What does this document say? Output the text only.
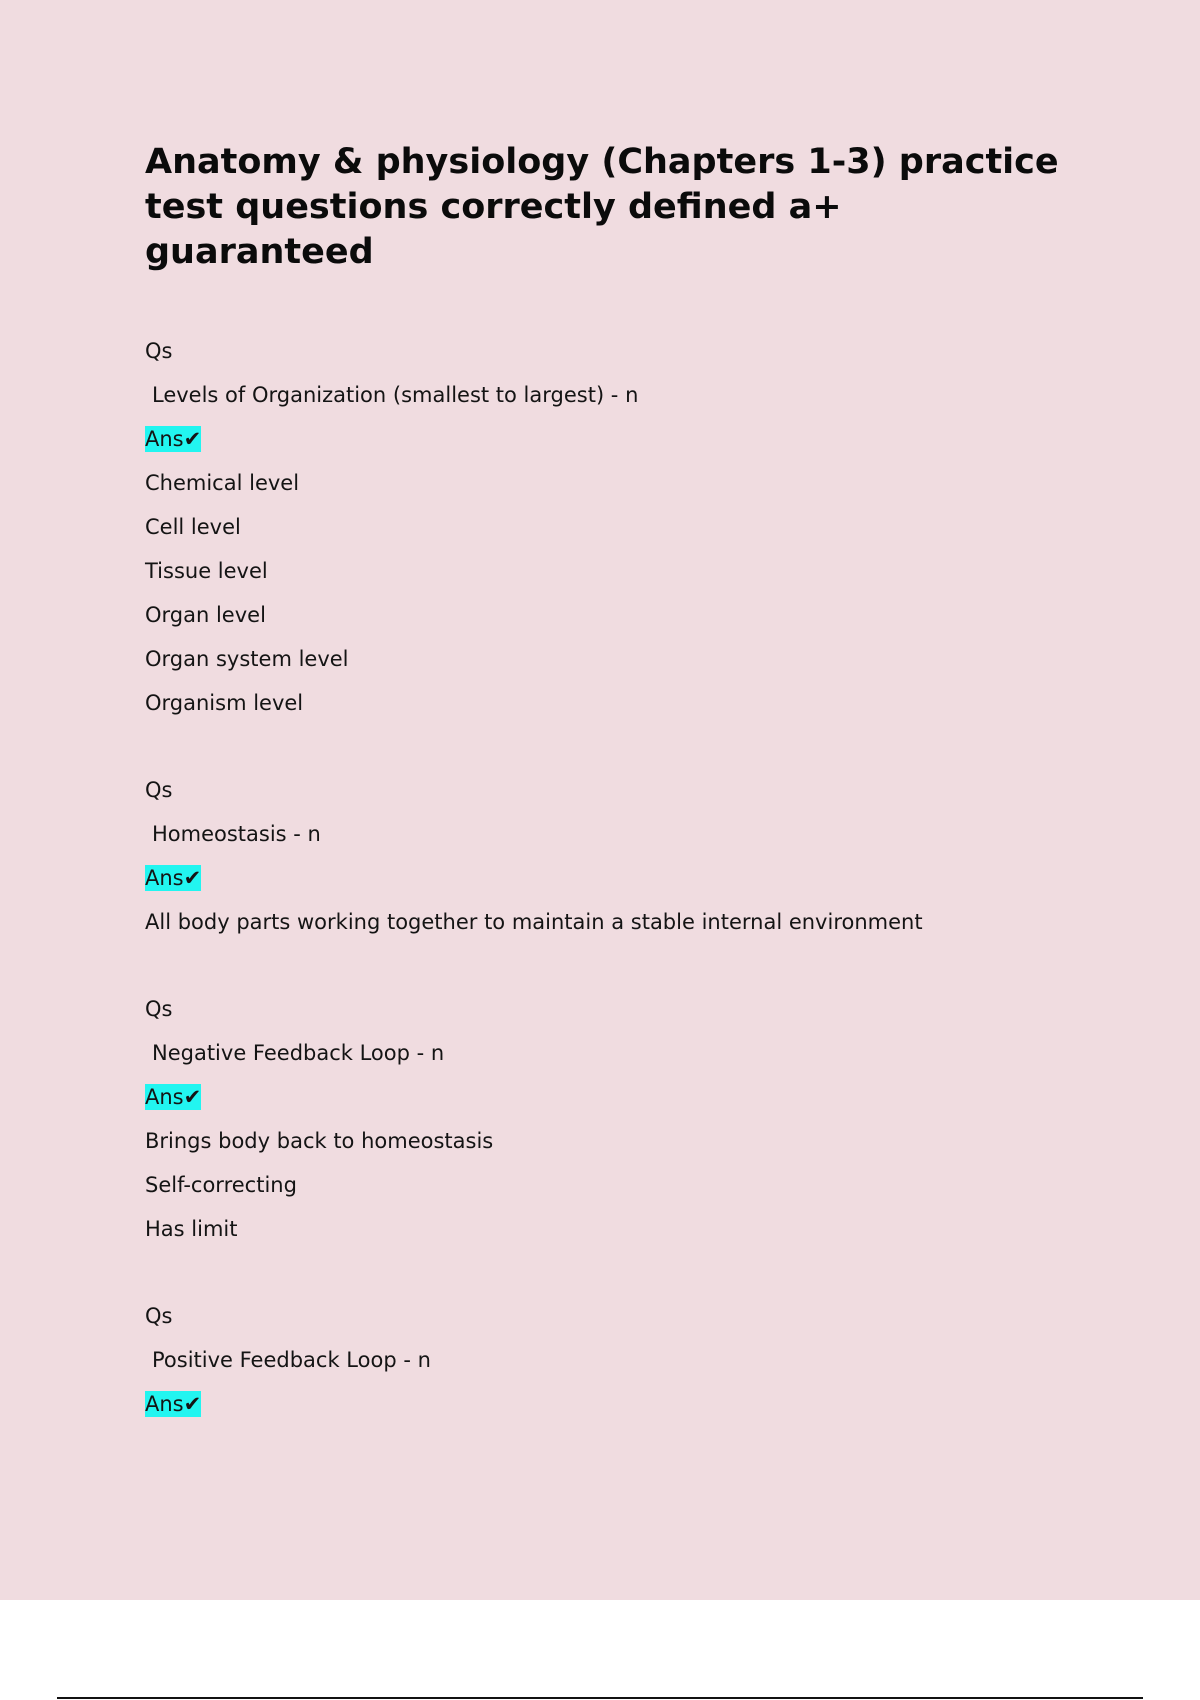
Anatomy & physiology (Chapters 1-3) practice test questions correctly defined a+ guaranteed
Qs
Levels of Organization (smallest to largest) - n
Ans✔
Chemical level
Cell level
Tissue level
Organ level
Organ system level
Organism level
Qs
Homeostasis - n
Ans✔
All body parts working together to maintain a stable internal environment
Qs
Negative Feedback Loop - n
Ans✔
Brings body back to homeostasis
Self-correcting
Has limit
Qs
Positive Feedback Loop - n
Ans✔
